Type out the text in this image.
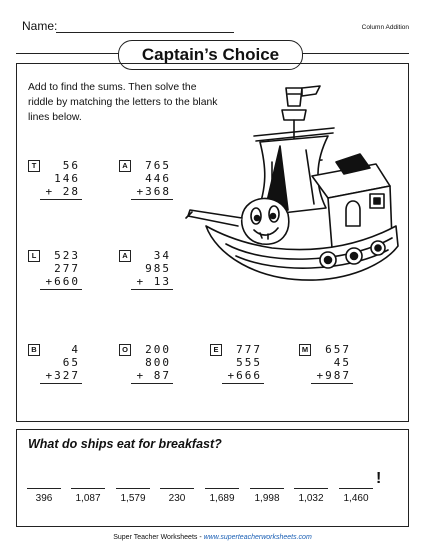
Name:	Column Addition
Captain’s Choice
Add to find the sums. Then solve the riddle by matching the letters to the blank lines below.
T	56
146
+ 28
A	765
446
+368
L	523
277
+660
A	34
985
+ 13
B	4
65
+327
O	200
800
+ 87
E	777
555
+666
M	657
45
+987
What do ships eat for breakfast?
396	1,087	1,579	230	1,689	1,998	1,032	1,460
!
Super Teacher Worksheets - www.superteacherworksheets.com
